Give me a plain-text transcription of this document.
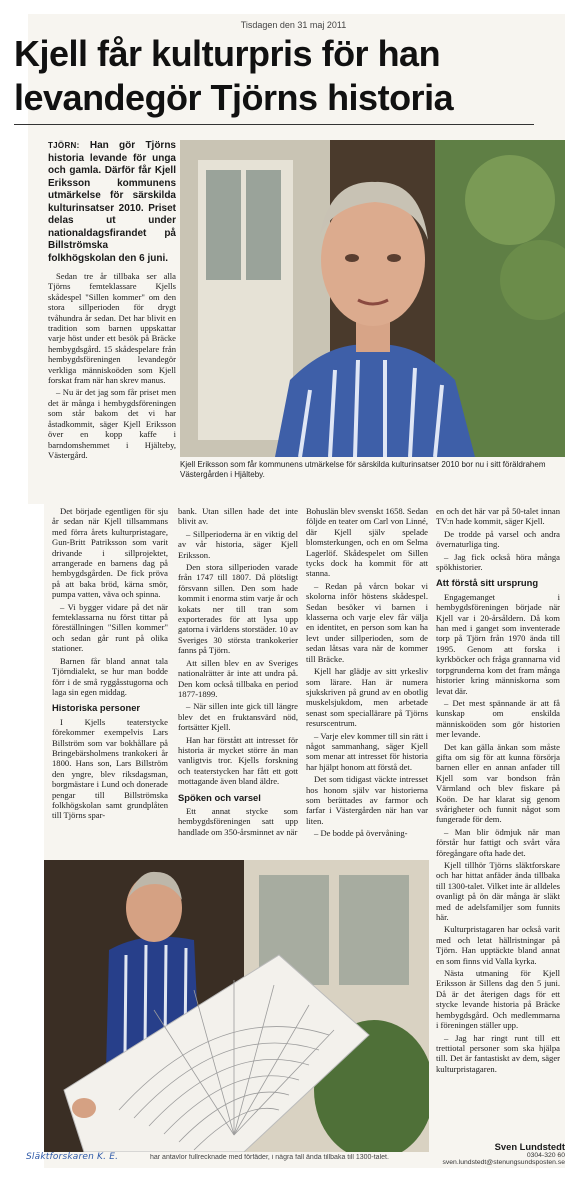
Tisdagen den 31 maj 2011
Kjell får kulturpris för han levandegör Tjörns historia
TJÖRN: Han gör Tjörns historia levande för unga och gamla. Därför får Kjell Eriksson kommunens utmärkelse för särskilda kulturinsatser 2010. Priset delas ut under nationaldagsfirandet på Billströmska folkhögskolan den 6 juni.

Sedan tre år tillbaka ser alla Tjörns femteklassare Kjells skådespel "Sillen kommer" om den stora sillperioden för drygt tvåhundra år sedan. Det har blivit en tradition som barnen uppskattar varje höst under ett besök på Bräcke hembygdsgård. 15 skådespelare från hembygdsföreningen levandegör verkliga människoöden som Kjell forskat fram när han skrev manus.

– Nu är det jag som får priset men det är många i hembygdsföreningen som står bakom det vi har åstadkommit, säger Kjell Eriksson över en kopp kaffe i barndomshemmet i Hjälteby, Västergård.

Kjell Eriksson som får kommunens utmärkelse för särskilda kulturinsatser 2010 bor nu i sitt föräldrahem Västergården i Hjälteby.

Det började egentligen för sju år sedan när Kjell tillsammans med förra årets kulturpristagare, Gun-Britt Patriksson som varit drivande i sillprojektet, arrangerade en barnens dag på hembygdsgården. De fick pröva på att baka bröd, kärna smör, pumpa vatten, väva och spinna.

– Vi bygger vidare på det när femteklassarna nu först tittar på föreställningen "Sillen kommer" och sedan går runt på olika stationer.

Barnen får bland annat tala Tjörndialekt, se hur man bodde förr i de små ryggåsstugorna och laga sin egen middag.

Historiska personer

I Kjells teaterstycke förekommer exempelvis Lars Billström som var bokhållare på Bringebärsholmens trankokeri år 1800. Hans son, Lars Billström den yngre, blev riksdagsman, borgmästare i Lund och donerade pengar till Billströmska folkhögskolan samt grundplåten till Tjörns spar-

bank. Utan sillen hade det inte blivit av.

– Sillperioderna är en viktig del av vår historia, säger Kjell Eriksson.

Den stora sillperioden varade från 1747 till 1807. Då plötsligt försvann sillen. Den som hade kommit i enorma stim varje år och kokats ner till tran som exporterades för att lysa upp gatorna i världens storstäder. 10 av Sveriges 30 största trankokerier fanns på Tjörn.

Att sillen blev en av Sveriges nationalrätter är inte att undra på. Den kom också tillbaka en period 1877-1899.

– När sillen inte gick till längre blev det en fruktansvärd nöd, fortsätter Kjell.

Han har förstått att intresset för historia är mycket större än man vanligtvis tror. Kjells forskning och teaterstycken har fått ett gott mottagande även bland äldre.

Spöken och varsel

Ett annat stycke som hembygdsföreningen satt upp handlade om 350-årsminnet av när

Bohuslän blev svenskt 1658. Sedan följde en teater om Carl von Linné, där Kjell själv spelade blomsterkungen, och en om Selma Lagerlöf. Skådespelet om Sillen tycks dock ha kommit för att stanna.

– Redan på vårcn bokar vi skolorna inför höstens skådespel. Sedan besöker vi barnen i klasserna och varje elev får välja en identitet, en person som kan ha levt under sillperioden, som de sedan låtsas vara när de kommer till Bräcke.

Kjell har glädje av sitt yrkesliv som lärare. Han är numera sjukskriven på grund av en obotlig muskelsjukdom, men arbetade senast som speciallärare på Tjörns resurscentrum.

– Varje elev kommer till sin rätt i något sammanhang, säger Kjell som menar att intresset för historia har hjälpt honom att förstå det.

Det som tidigast väckte intresset hos honom själv var historierna som berättades av farmor och farfar i Västergården när han var liten.

– De bodde på övervåning-

en och det här var på 50-talet innan TV:n hade kommit, säger Kjell.

De trodde på varsel och andra övernaturliga ting.

– Jag fick också höra många spökhistorier.

Att förstå sitt ursprung

Engagemanget i hembygdsföreningen började när Kjell var i 20-årsåldern. Då kom han med i ganget som inventerade torp på Tjörn från 1970 ända till 1995. Genom att forska i kyrkböcker och fråga grannarna vid torpgrunderna kom det fram många historier kring människorna som levat där.

– Det mest spännande är att få kunskap om enskilda människoöden som gör historien mer levande.

Det kan gälla änkan som måste gifta om sig för att kunna försörja barnen eller en annan anfader till Kjell som var bondson från Värmland och blev fiskare på Koön. De har klarat sig genom svårigheter och funnit något som fungerade för dem.

– Man blir ödmjuk när man förstår hur fattigt och svårt våra föregångare ofta hade det.

Kjell tillhör Tjörns släktforskare och har hittat anfäder ända tillbaka till 1300-talet. Vilket inte är alldeles ovanligt på ön där många är släkt med de adelsfamiljer som funnits här.

Kulturpristagaren har också varit med och letat hällristningar på Tjörn. Han upptäckte bland annat en som finns vid Valla kyrka.

Nästa utmaning för Kjell Eriksson är Sillens dag den 5 juni. Då är det återigen dags för ett stycke levande historia på Bräcke hembygdsgård. Och medlemmarna i föreningen ställer upp.

– Jag har ringt runt till ett trettiotal personer som ska hjälpa till. Det är fantastiskt av dem, säger kulturpristagaren.

Släktforskaren K. E.	har antavlor fullrecknade med förfäder, i några fall ända tillbaka till 1300-talet.
Sven Lundstedt
0304-320 60
sven.lundstedt@stenungsundsposten.se
